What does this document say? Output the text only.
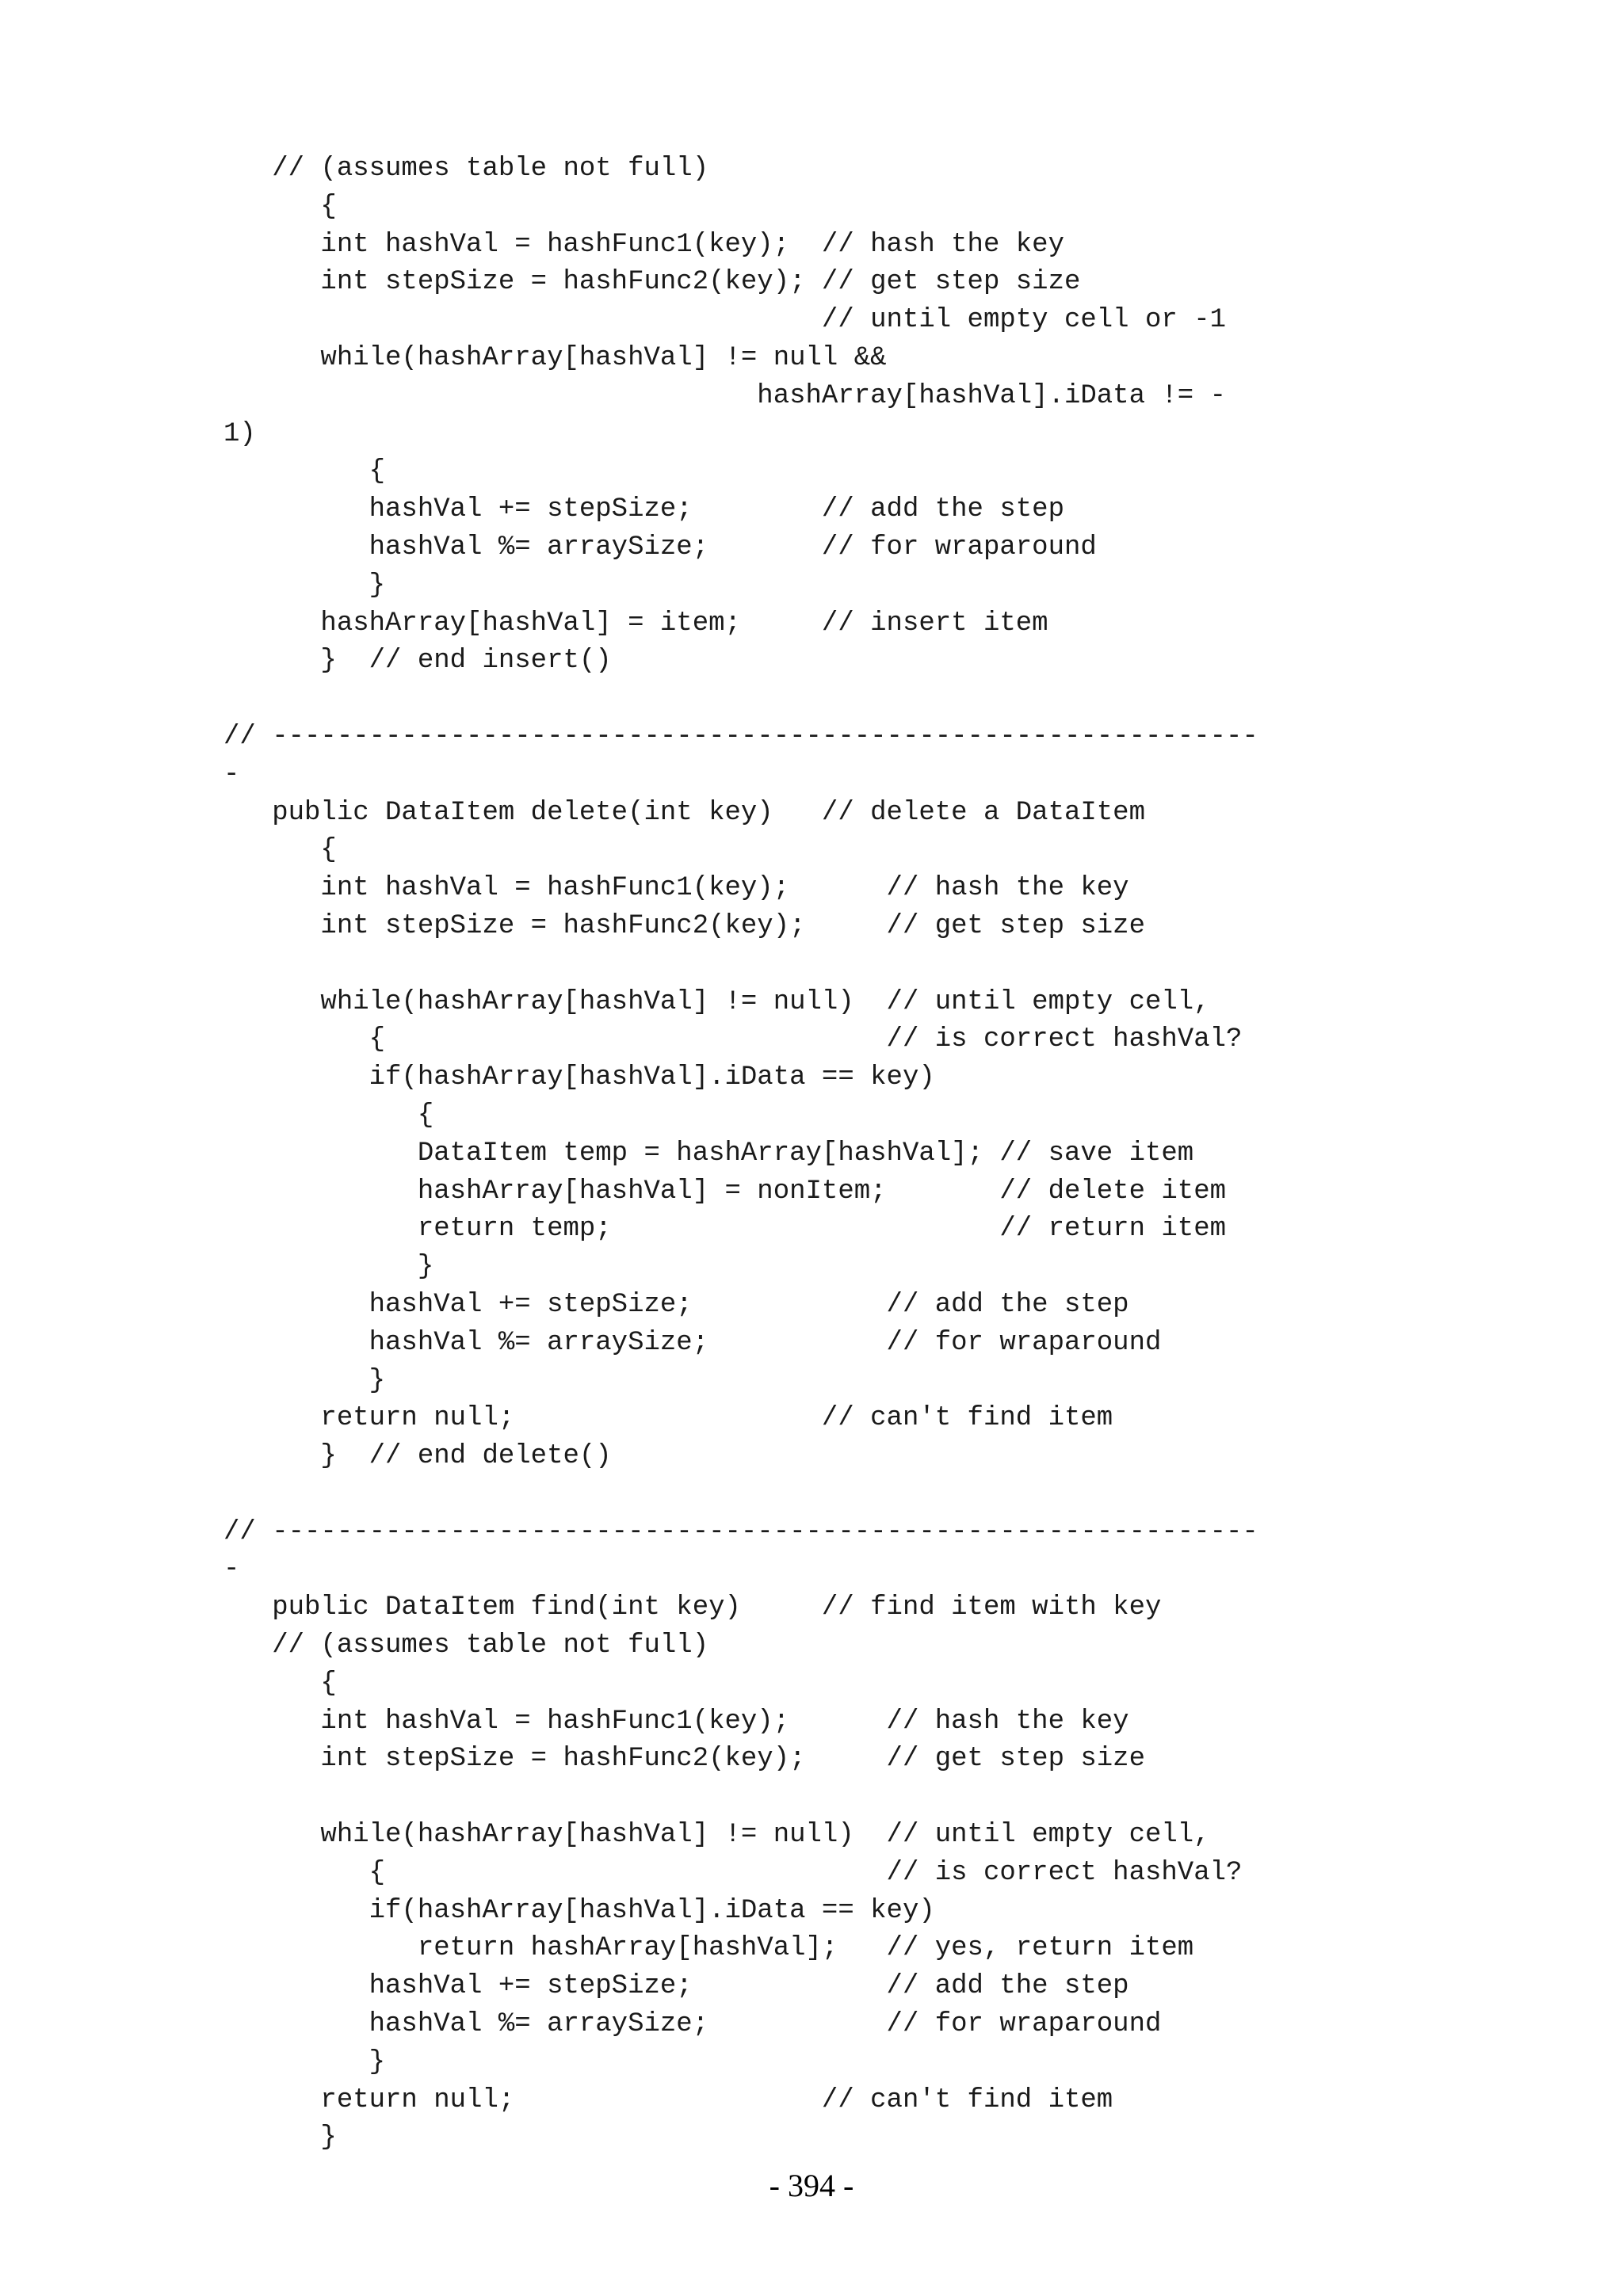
// (assumes table not full)
{
int hashVal = hashFunc1(key);  // hash the key
int stepSize = hashFunc2(key); // get step size
// until empty cell or -1
while(hashArray[hashVal] != null &&
hashArray[hashVal].iData != -
1)
{
hashVal += stepSize;        // add the step
hashVal %= arraySize;       // for wraparound
}
hashArray[hashVal] = item;     // insert item
}  // end insert()
// -------------------------------------------------------------
-
public DataItem delete(int key)   // delete a DataItem
{
int hashVal = hashFunc1(key);      // hash the key
int stepSize = hashFunc2(key);     // get step size
while(hashArray[hashVal] != null)  // until empty cell,
{                               // is correct hashVal?
if(hashArray[hashVal].iData == key)
{
DataItem temp = hashArray[hashVal]; // save item
hashArray[hashVal] = nonItem;       // delete item
return temp;                        // return item
}
hashVal += stepSize;            // add the step
hashVal %= arraySize;           // for wraparound
}
return null;                   // can't find item
}  // end delete()
// -------------------------------------------------------------
-
public DataItem find(int key)     // find item with key
// (assumes table not full)
{
int hashVal = hashFunc1(key);      // hash the key
int stepSize = hashFunc2(key);     // get step size
while(hashArray[hashVal] != null)  // until empty cell,
{                               // is correct hashVal?
if(hashArray[hashVal].iData == key)
return hashArray[hashVal];   // yes, return item
hashVal += stepSize;            // add the step
hashVal %= arraySize;           // for wraparound
}
return null;                   // can't find item
}
- 394 -
